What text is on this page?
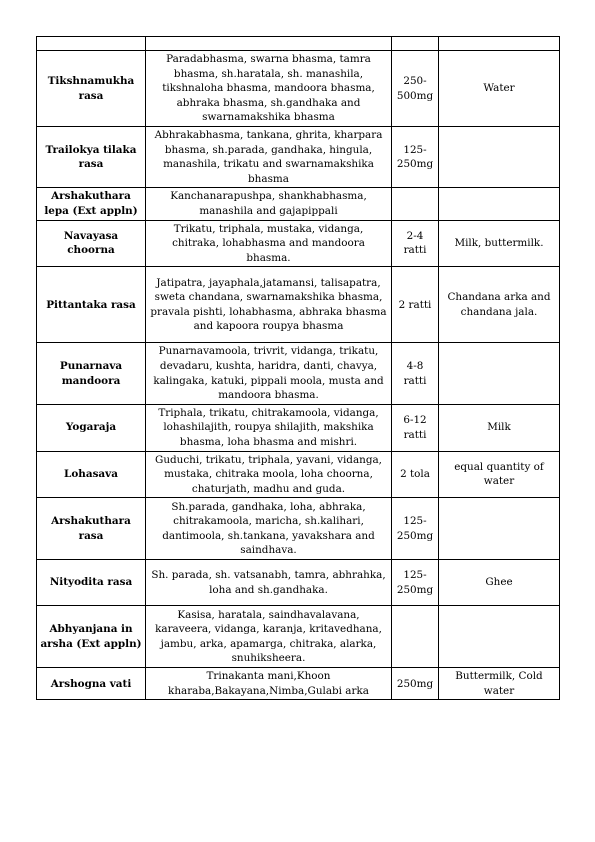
Tikshnamukha rasa	Paradabhasma, swarna bhasma, tamra bhasma, sh.haratala, sh. manashila, tikshnaloha bhasma, mandoora bhasma, abhraka bhasma, sh.gandhaka and swarnamakshika bhasma	250-500mg	Water
Trailokya tilaka rasa	Abhrakabhasma, tankana, ghrita, kharpara bhasma, sh.parada, gandhaka, hingula, manashila, trikatu and swarnamakshika bhasma	125-250mg	
Arshakuthara lepa (Ext appln)	Kanchanarapushpa, shankhabhasma, manashila and gajapippali		
Navayasa choorna	Trikatu, triphala, mustaka, vidanga, chitraka, lohabhasma and mandoora bhasma.	2-4 ratti	Milk, buttermilk.
Pittantaka rasa	Jatipatra, jayaphala,jatamansi, talisapatra, sweta chandana, swarnamakshika bhasma, pravala pishti, lohabhasma, abhraka bhasma and kapoora roupya bhasma	2 ratti	Chandana arka and chandana jala.
Punarnava mandoora	Punarnavamoola, trivrit, vidanga, trikatu, devadaru, kushta, haridra, danti, chavya, kalingaka, katuki, pippali moola, musta and mandoora bhasma.	4-8 ratti	
Yogaraja	Triphala, trikatu, chitrakamoola, vidanga, lohashilajith, roupya shilajith, makshika bhasma, loha bhasma and mishri.	6-12 ratti	Milk
Lohasava	Guduchi, trikatu, triphala, yavani, vidanga, mustaka, chitraka moola, loha choorna, chaturjath, madhu and guda.	2 tola	equal quantity of water
Arshakuthara rasa	Sh.parada, gandhaka, loha, abhraka, chitrakamoola, maricha, sh.kalihari, dantimoola, sh.tankana, yavakshara and saindhava.	125-250mg	
Nityodita rasa	Sh. parada, sh. vatsanabh, tamra, abhrahka, loha and sh.gandhaka.	125-250mg	Ghee
Abhyanjana in arsha (Ext appln)	Kasisa, haratala, saindhavalavana, karaveera, vidanga, karanja, kritavedhana, jambu, arka, apamarga, chitraka, alarka, snuhiksheera.		
Arshogna vati	Trinakanta mani,Khoon kharaba,Bakayana,Nimba,Gulabi arka	250mg	Buttermilk, Cold water
